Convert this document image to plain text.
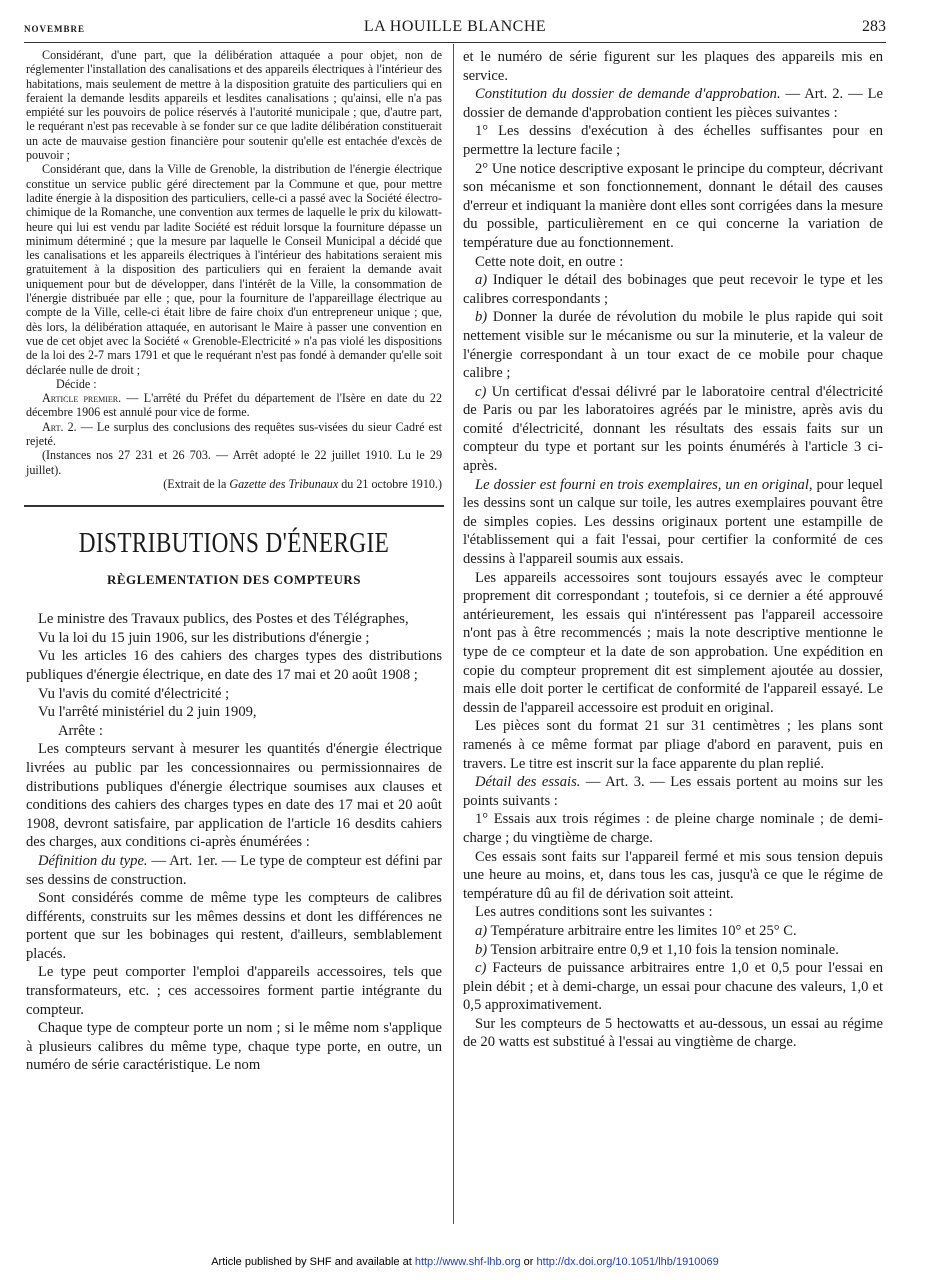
NOVEMBRE	LA HOUILLE BLANCHE	283

Considérant, d'une part, que la délibération attaquée a pour objet, non de réglementer l'installation des canalisations et des appareils électriques à l'intérieur des habitations, mais seulement de mettre à la disposition gratuite des particuliers qui en feraient la demande lesdits appareils et lesdites canalisations ; qu'ainsi, elle n'a pas empiété sur les pouvoirs de police réservés à l'autorité municipale ; que, d'autre part, le requérant n'est pas recevable à se fonder sur ce que ladite délibération constituerait un acte de mauvaise gestion financière pour soutenir qu'elle est entachée d'excès de pouvoir ;

Considérant que, dans la Ville de Grenoble, la distribution de l'énergie électrique constitue un service public géré directement par la Commune et que, pour mettre ladite énergie à la disposition des particuliers, celle-ci a passé avec la Société électro-chimique de la Romanche, une convention aux termes de laquelle le prix du kilowatt-heure qui lui est vendu par ladite Société est réduit lorsque la fourniture dépasse un minimum déterminé ; que la mesure par laquelle le Conseil Municipal a décidé que les canalisations et les appareils électriques à l'intérieur des habitations seraient mis gratuitement à la disposition des particuliers qui en feraient la demande avait uniquement pour but de développer, dans l'intérêt de la Ville, la consommation de l'énergie distribuée par elle ; que, pour la fourniture de l'appareillage électrique au compte de la Ville, celle-ci était libre de faire choix d'un entrepreneur unique ; que, dès lors, la délibération attaquée, en autorisant le Maire à passer une convention en vue de cet objet avec la Société « Grenoble-Electricité » n'a pas violé les dispositions de la loi des 2-7 mars 1791 et que le requérant n'est pas fondé à demander qu'elle soit déclarée nulle de droit ;

Décide :

Article premier. — L'arrêté du Préfet du département de l'Isère en date du 22 décembre 1906 est annulé pour vice de forme.

Art. 2. — Le surplus des conclusions des requêtes sus-visées du sieur Cadré est rejeté.

(Instances nos 27 231 et 26 703. — Arrêt adopté le 22 juillet 1910. Lu le 29 juillet).

(Extrait de la Gazette des Tribunaux du 21 octobre 1910.)

DISTRIBUTIONS D'ÉNERGIE
RÈGLEMENTATION DES COMPTEURS

Le ministre des Travaux publics, des Postes et des Télégraphes,

Vu la loi du 15 juin 1906, sur les distributions d'énergie ;

Vu les articles 16 des cahiers des charges types des distributions publiques d'énergie électrique, en date des 17 mai et 20 août 1908 ;

Vu l'avis du comité d'électricité ;

Vu l'arrêté ministériel du 2 juin 1909,

Arrête :

Les compteurs servant à mesurer les quantités d'énergie électrique livrées au public par les concessionnaires ou permissionnaires de distributions publiques d'énergie électrique soumises aux clauses et conditions des cahiers des charges types en date des 17 mai et 20 août 1908, devront satisfaire, par application de l'article 16 desdits cahiers des charges, aux conditions ci-après énumérées :

Définition du type. — Art. 1er. — Le type de compteur est défini par ses dessins de construction.

Sont considérés comme de même type les compteurs de calibres différents, construits sur les mêmes dessins et dont les différences ne portent que sur les bobinages qui restent, d'ailleurs, semblablement placés.

Le type peut comporter l'emploi d'appareils accessoires, tels que transformateurs, etc. ; ces accessoires forment partie intégrante du compteur.

Chaque type de compteur porte un nom ; si le même nom s'applique à plusieurs calibres du même type, chaque type porte, en outre, un numéro de série caractéristique. Le nom

et le numéro de série figurent sur les plaques des appareils mis en service.

Constitution du dossier de demande d'approbation. — Art. 2. — Le dossier de demande d'approbation contient les pièces suivantes :

1° Les dessins d'exécution à des échelles suffisantes pour en permettre la lecture facile ;

2° Une notice descriptive exposant le principe du compteur, décrivant son mécanisme et son fonctionnement, donnant le détail des causes d'erreur et indiquant la manière dont elles sont corrigées dans la mesure du possible, particulièrement en ce qui concerne la variation de température due au fonctionnement.

Cette note doit, en outre :

a) Indiquer le détail des bobinages que peut recevoir le type et les calibres correspondants ;

b) Donner la durée de révolution du mobile le plus rapide qui soit nettement visible sur le mécanisme ou sur la minuterie, et la valeur de l'énergie correspondant à un tour exact de ce mobile pour chaque calibre ;

c) Un certificat d'essai délivré par le laboratoire central d'électricité de Paris ou par les laboratoires agréés par le ministre, après avis du comité d'électricité, donnant les résultats des essais faits sur un compteur du type et portant sur les points énumérés à l'article 3 ci-après.

Le dossier est fourni en trois exemplaires, un en original, pour lequel les dessins sont un calque sur toile, les autres exemplaires pouvant être de simples copies. Les dessins originaux portent une estampille de l'établissement qui a fait l'essai, pour certifier la conformité de ces dessins à l'appareil soumis aux essais.

Les appareils accessoires sont toujours essayés avec le compteur proprement dit correspondant ; toutefois, si ce dernier a été approuvé antérieurement, les essais qui n'intéressent pas l'appareil accessoire n'ont pas à être recommencés ; mais la note descriptive mentionne le type de ce compteur et la date de son approbation. Une expédition en copie du compteur proprement dit est simplement ajoutée au dossier, mais elle doit porter le certificat de conformité de l'appareil essayé. Le dessin de l'appareil accessoire est produit en original.

Les pièces sont du format 21 sur 31 centimètres ; les plans sont ramenés à ce même format par pliage d'abord en paravent, puis en travers. Le titre est inscrit sur la face apparente du plan replié.

Détail des essais. — Art. 3. — Les essais portent au moins sur les points suivants :

1° Essais aux trois régimes : de pleine charge nominale ; de demi-charge ; du vingtième de charge.

Ces essais sont faits sur l'appareil fermé et mis sous tension depuis une heure au moins, et, dans tous les cas, jusqu'à ce que le régime de température dû au fil de dérivation soit atteint.

Les autres conditions sont les suivantes :

a) Température arbitraire entre les limites 10° et 25° C.

b) Tension arbitraire entre 0,9 et 1,10 fois la tension nominale.

c) Facteurs de puissance arbitraires entre 1,0 et 0,5 pour l'essai en plein débit ; et à demi-charge, un essai pour chacune des valeurs, 1,0 et 0,5 approximativement.

Sur les compteurs de 5 hectowatts et au-dessous, un essai au régime de 20 watts est substitué à l'essai au vingtième de charge.

Article published by SHF and available at http://www.shf-lhb.org or http://dx.doi.org/10.1051/lhb/1910069
